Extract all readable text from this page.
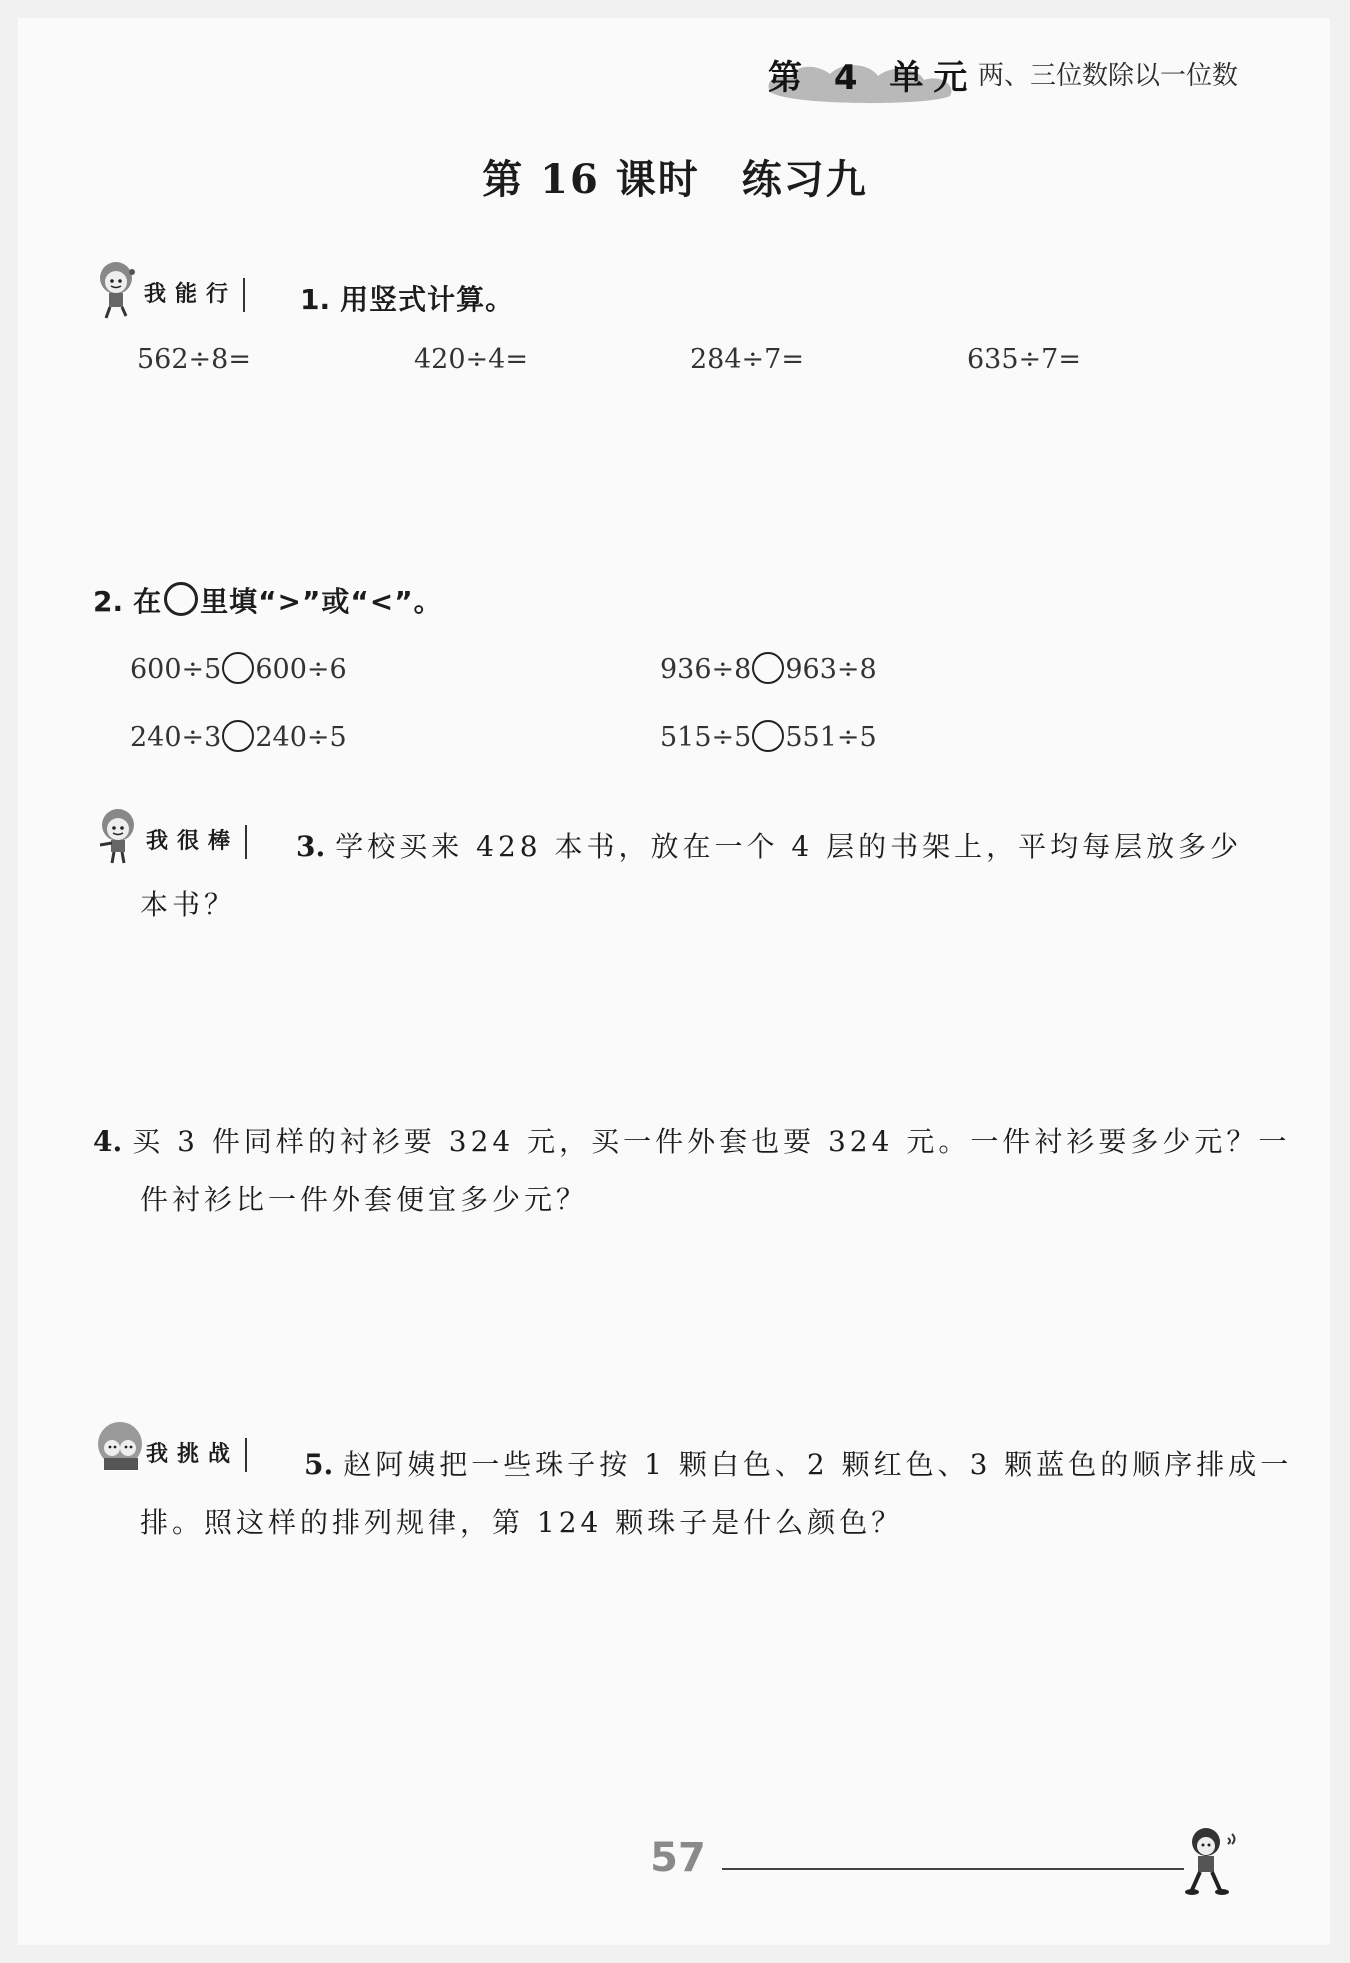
第 4 单元 两、三位数除以一位数
第 16 课时　练习九
我能行 1. 用竖式计算。
562÷8=	420÷4=	284÷7=	635÷7=
2. 在 里填“>”或“<”。
600÷5 600÷6	936÷8 963÷8
240÷3 240÷5	515÷5 551÷5
我很棒 3. 学校买来 428 本书，放在一个 4 层的书架上，平均每层放多少
本书？
4. 买 3 件同样的衬衫要 324 元，买一件外套也要 324 元。一件衬衫要多少元？一
件衬衫比一件外套便宜多少元？
我挑战 5. 赵阿姨把一些珠子按 1 颗白色、2 颗红色、3 颗蓝色的顺序排成一
排。照这样的排列规律，第 124 颗珠子是什么颜色？
57
